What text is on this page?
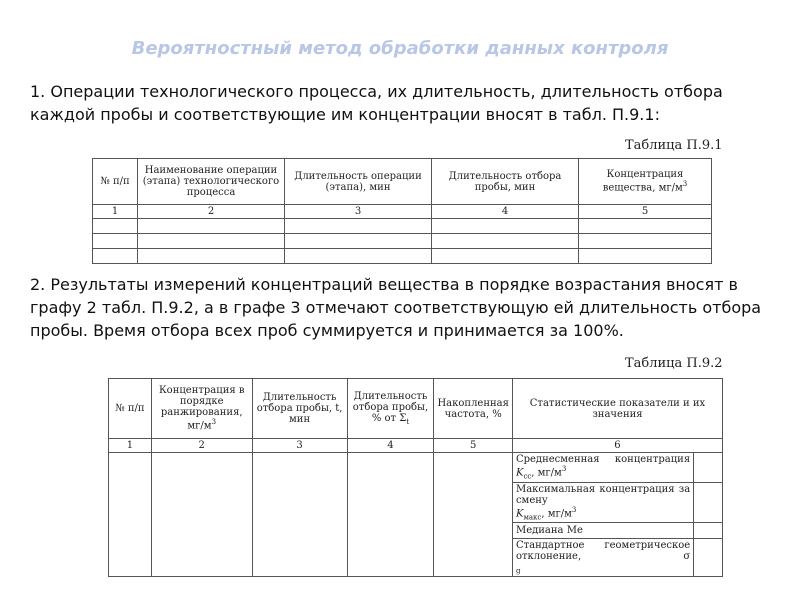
Вероятностный метод обработки данных контроля
1. Операции технологического процесса, их длительность, длительность отбора каждой пробы и соответствующие им концентрации вносят в табл. П.9.1:
Таблица П.9.1
№ п/п	Наименование операции (этапа) технологического процесса	Длительность операции (этапа), мин	Длительность отбора пробы, мин	Концентрация вещества, $мг/м^3$
1	2	3	4	5

2. Результаты измерений концентраций вещества в порядке возрастания вносят в графу 2 табл. П.9.2, а в графе 3 отмечают соответствующую ей длительность отбора пробы. Время отбора всех проб суммируется и принимается за 100%.
Таблица П.9.2
№ п/п	Концентрация в порядке ранжирования, $мг/м^3$	Длительность отбора пробы, t, мин	Длительность отбора пробы, % от $\Sigma_t$	Накопленная частота, %	Статистические показатели и их значения	
1	2	3	4	5	6	

					Среднесменная концентрация
$K_{сс}$, $мг/м^3$	

					Максимальная концентрация за смену
$K_{макс}$, $мг/м^3$	
					Медиана Ме	

					Стандартное геометрическое отклонение, σ
$_g$	
